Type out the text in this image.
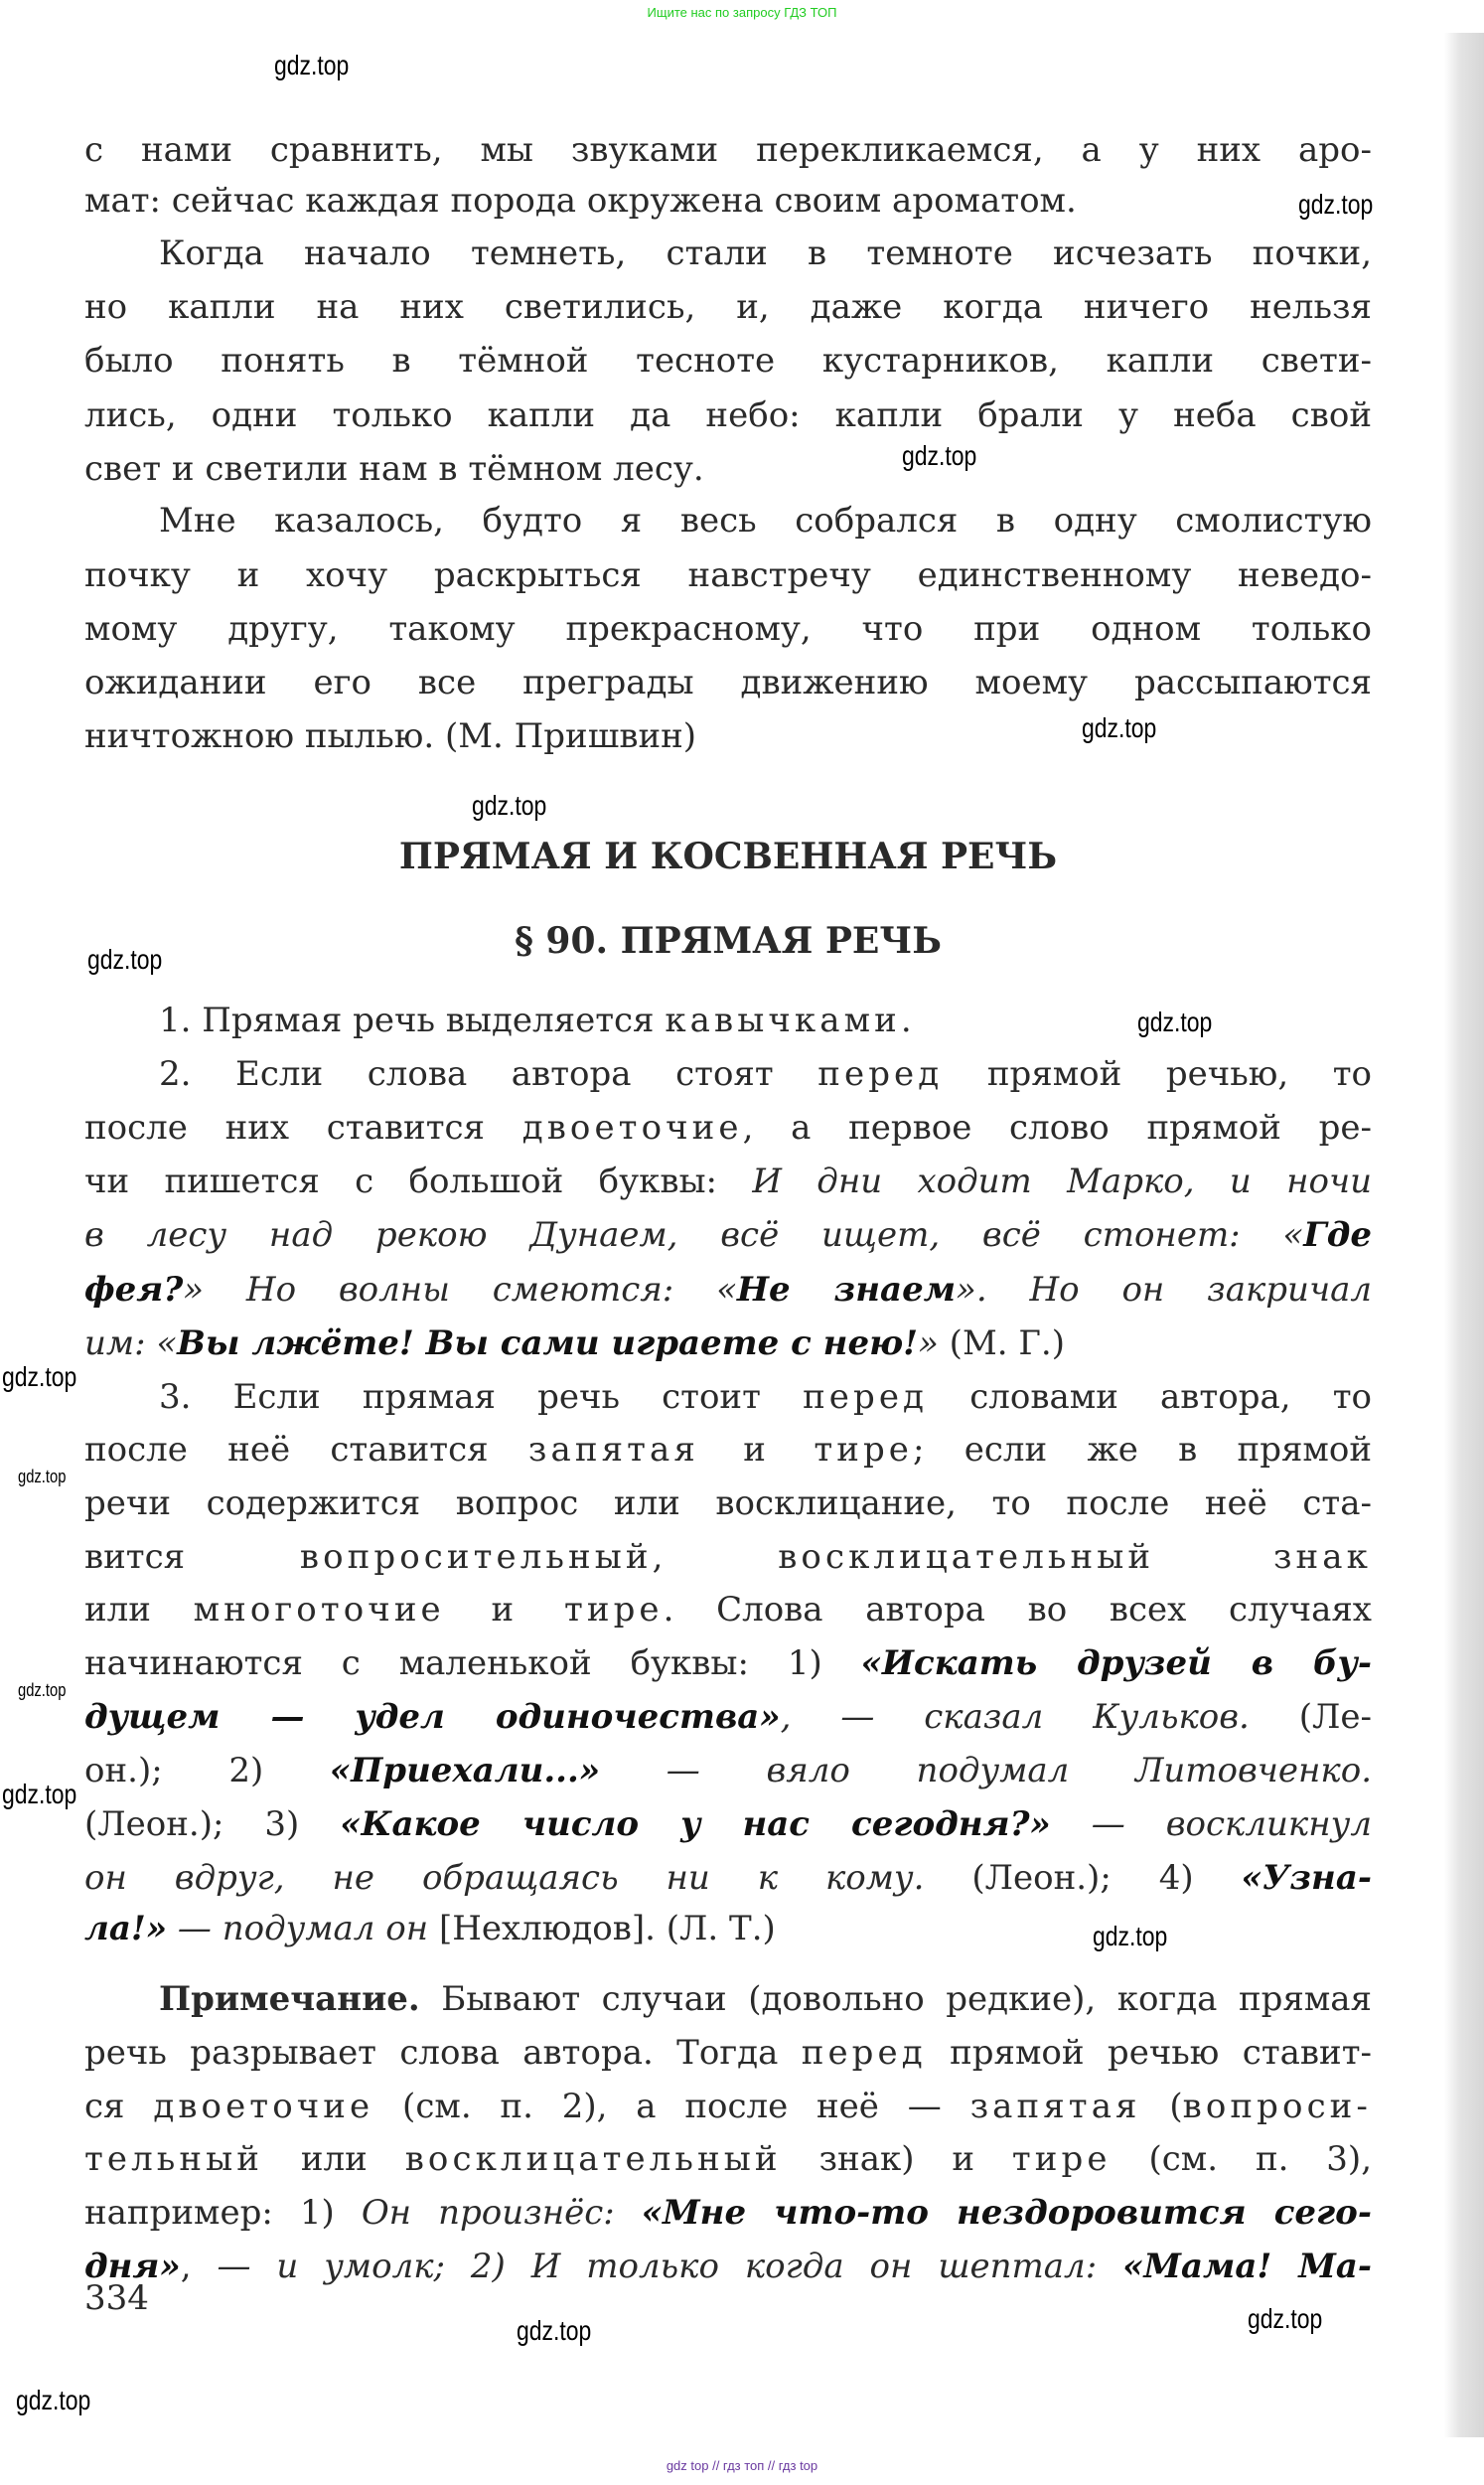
Ищите нас по запросу ГДЗ ТОП
с нами сравнить, мы звуками перекликаемся, а у них аро-
мат: сейчас каждая порода окружена своим ароматом.
Когда начало темнеть, стали в темноте исчезать почки,
но капли на них светились, и, даже когда ничего нельзя
было понять в тёмной тесноте кустарников, капли свети-
лись, одни только капли да небо: капли брали у неба свой
свет и светили нам в тёмном лесу.
Мне казалось, будто я весь собрался в одну смолистую
почку и хочу раскрыться навстречу единственному неведо-
мому другу, такому прекрасному, что при одном только
ожидании его все преграды движению моему рассыпаются
ничтожною пылью. (М. Пришвин)
ПРЯМАЯ И КОСВЕННАЯ РЕЧЬ
§ 90. ПРЯМАЯ РЕЧЬ
1. Прямая речь выделяется кавычками.
2. Если слова автора стоят перед прямой речью, то
после них ставится двоеточие, а первое слово прямой ре-
чи пишется с большой буквы: И дни ходит Марко, и ночи
в лесу над рекою Дунаем, всё ищет, всё стонет: «Где
фея?» Но волны смеются: «Не знаем». Но он закричал
им: «Вы лжёте! Вы сами играете с нею!» (М. Г.)
3. Если прямая речь стоит перед словами автора, то
после неё ставится запятая и тире; если же в прямой
речи содержится вопрос или восклицание, то после неё ста-
вится вопросительный, восклицательный знак
или многоточие и тире. Слова автора во всех случаях
начинаются с маленькой буквы: 1) «Искать друзей в бу-
дущем — удел одиночества», — сказал Кульков. (Ле-
он.); 2) «Приехали...» — вяло подумал Литовченко.
(Леон.); 3) «Какое число у нас сегодня?» — воскликнул
он вдруг, не обращаясь ни к кому. (Леон.); 4) «Узна-
ла!» — подумал он [Нехлюдов]. (Л. Т.)
Примечание. Бывают случаи (довольно редкие), когда прямая
речь разрывает слова автора. Тогда перед прямой речью ставит-
ся двоеточие (см. п. 2), а после неё — запятая (вопроси-
тельный или восклицательный знак) и тире (см. п. 3),
например: 1) Он произнёс: «Мне что-то нездоровится сего-
дня», — и умолк; 2) И только когда он шептал: «Мама! Ма-
334
gdz.top
gdz.top
gdz.top
gdz.top
gdz.top
gdz.top
gdz.top
gdz.top
gdz.top
gdz.top
gdz.top
gdz.top
gdz.top
gdz.top
gdz.top
gdz top // гдз топ // гдз top
